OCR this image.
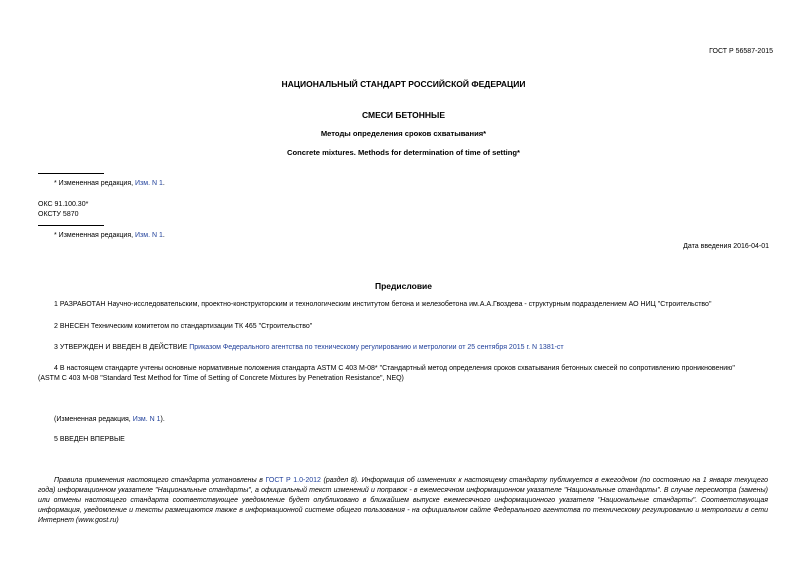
ГОСТ Р 56587-2015
НАЦИОНАЛЬНЫЙ СТАНДАРТ РОССИЙСКОЙ ФЕДЕРАЦИИ
СМЕСИ БЕТОННЫЕ
Методы определения сроков схватывания*
Concrete mixtures. Methods for determination of time of setting*
* Измененная редакция, Изм. N 1.
ОКС 91.100.30*
ОКСТУ 5870
* Измененная редакция, Изм. N 1.
Дата введения 2016-04-01
Предисловие
1 РАЗРАБОТАН Научно-исследовательским, проектно-конструкторским и технологическим институтом бетона и железобетона им.А.А.Гвоздева - структурным подразделением АО НИЦ "Строительство"
2 ВНЕСЕН Техническим комитетом по стандартизации ТК 465 "Строительство"
3 УТВЕРЖДЕН И ВВЕДЕН В ДЕЙСТВИЕ Приказом Федерального агентства по техническому регулированию и метрологии от 25 сентября 2015 г. N 1381-ст
4 В настоящем стандарте учтены основные нормативные положения стандарта ASTM С 403 М-08* "Стандартный метод определения сроков схватывания бетонных смесей по сопротивлению проникновению"
(ASTM С 403 М-08 "Standard Test Method for Time of Setting of Concrete Mixtures by Penetration Resistance", NEQ)
(Измененная редакция, Изм. N 1).
5 ВВЕДЕН ВПЕРВЫЕ
Правила применения настоящего стандарта установлены в ГОСТ Р 1.0-2012 (раздел 8). Информация об изменениях к настоящему стандарту публикуется в ежегодном (по состоянию на 1 января текущего года) информационном указателе "Национальные стандарты", а официальный текст изменений и поправок - в ежемесячном информационном указателе "Национальные стандарты". В случае пересмотра (замены) или отмены настоящего стандарта соответствующее уведомление будет опубликовано в ближайшем выпуске ежемесячного информационного указателя "Национальные стандарты". Соответствующая информация, уведомление и тексты размещаются также в информационной системе общего пользования - на официальном сайте Федерального агентства по техническому регулированию и метрологии в сети Интернет (www.gost.ru)
